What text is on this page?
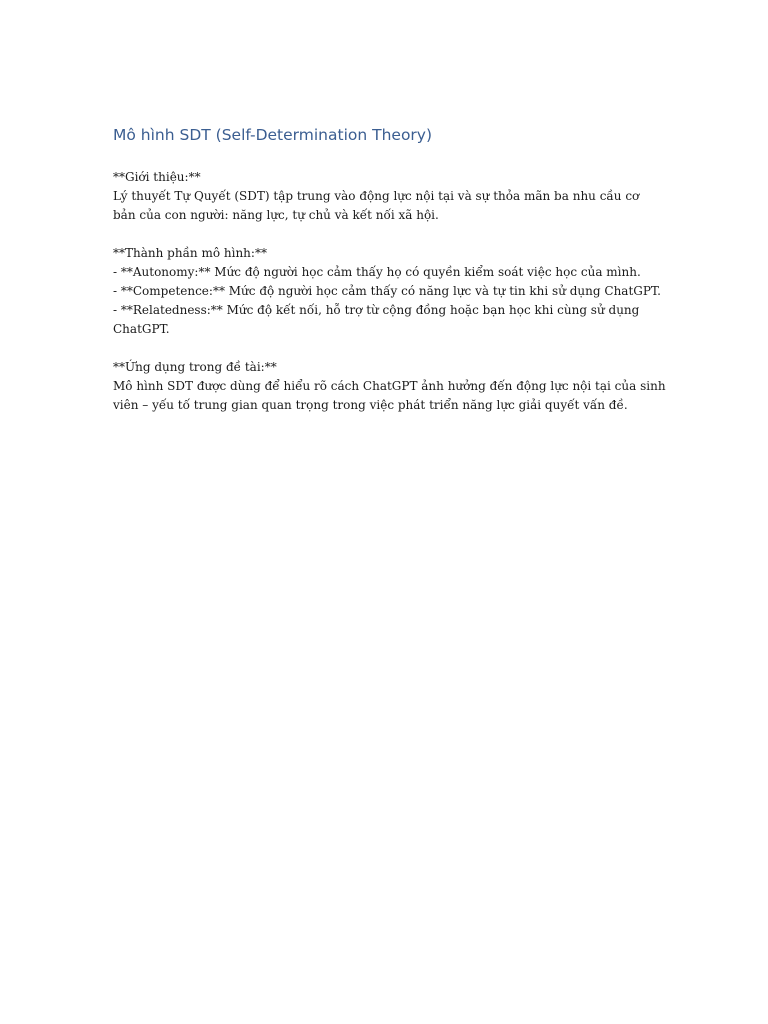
Mô hình SDT (Self-Determination Theory)
**Giới thiệu:**
Lý thuyết Tự Quyết (SDT) tập trung vào động lực nội tại và sự thỏa mãn ba nhu cầu cơ
bản của con người: năng lực, tự chủ và kết nối xã hội.
**Thành phần mô hình:**
- **Autonomy:** Mức độ người học cảm thấy họ có quyền kiểm soát việc học của mình.
- **Competence:** Mức độ người học cảm thấy có năng lực và tự tin khi sử dụng ChatGPT.
- **Relatedness:** Mức độ kết nối, hỗ trợ từ cộng đồng hoặc bạn học khi cùng sử dụng
ChatGPT.
**Ứng dụng trong đề tài:**
Mô hình SDT được dùng để hiểu rõ cách ChatGPT ảnh hưởng đến động lực nội tại của sinh
viên – yếu tố trung gian quan trọng trong việc phát triển năng lực giải quyết vấn đề.
